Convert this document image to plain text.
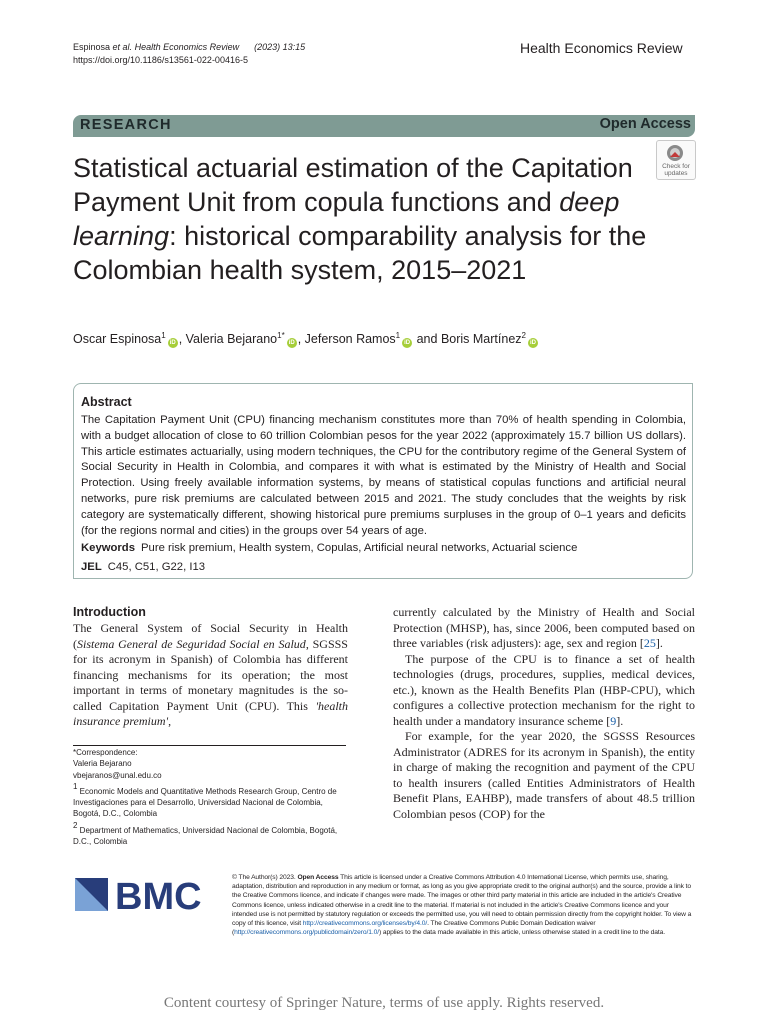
Espinosa et al. Health Economics Review (2023) 13:15
https://doi.org/10.1186/s13561-022-00416-5
Health Economics Review
RESEARCH	Open Access
Check for
updates
Statistical actuarial estimation of the Capitation Payment Unit from copula functions and deep learning: historical comparability analysis for the Colombian health system, 2015–2021
Oscar Espinosa$^1$iD , Valeria Bejarano$^{1*}$iD , Jeferson Ramos$^1$iD and Boris Martínez$^2$iD
Abstract

The Capitation Payment Unit (CPU) financing mechanism constitutes more than 70% of health spending in Colombia, with a budget allocation of close to 60 trillion Colombian pesos for the year 2022 (approximately 15.7 billion US dollars). This article estimates actuarially, using modern techniques, the CPU for the contributory regime of the General System of Social Security in Health in Colombia, and compares it with what is estimated by the Ministry of Health and Social Protection. Using freely available information systems, by means of statistical copulas functions and artificial neural networks, pure risk premiums are calculated between 2015 and 2021. The study concludes that the weights by risk category are systematically different, showing historical pure premiums surpluses in the group of 0–1 years and deficits (for the regions normal and cities) in the groups over 54 years of age.

Keywords Pure risk premium, Health system, Copulas, Artificial neural networks, Actuarial science
JEL C45, C51, G22, I13
Introduction

The General System of Social Security in Health (Sistema General de Seguridad Social en Salud, SGSSS for its acronym in Spanish) of Colombia has different financing mechanisms for its operation; the most important in terms of monetary magnitudes is the so-called Capitation Payment Unit (CPU). This 'health insurance premium',

currently calculated by the Ministry of Health and Social Protection (MHSP), has, since 2006, been computed based on three variables (risk adjusters): age, sex and region [25].

The purpose of the CPU is to finance a set of health technologies (drugs, procedures, supplies, medical devices, etc.), known as the Health Benefits Plan (HBP-CPU), which configures a collective protection mechanism for the right to health under a mandatory insurance scheme [9].

For example, for the year 2020, the SGSSS Resources Administrator (ADRES for its acronym in Spanish), the entity in charge of making the recognition and payment of the CPU to health insurers (called Entities Administrators of Health Benefit Plans, EAHBP), made transfers of about 48.5 trillion Colombian pesos (COP) for the

*Correspondence:
Valeria Bejarano
vbejaranos@unal.edu.co
1 Economic Models and Quantitative Methods Research Group, Centro de Investigaciones para el Desarrollo, Universidad Nacional de Colombia, Bogotá, D.C., Colombia
2 Department of Mathematics, Universidad Nacional de Colombia, Bogotá, D.C., Colombia
BMC	© The Author(s) 2023. Open Access This article is licensed under a Creative Commons Attribution 4.0 International License, which permits use, sharing, adaptation, distribution and reproduction in any medium or format, as long as you give appropriate credit to the original author(s) and the source, provide a link to the Creative Commons licence, and indicate if changes were made. The images or other third party material in this article are included in the article's Creative Commons licence, unless indicated otherwise in a credit line to the material. If material is not included in the article's Creative Commons licence and your intended use is not permitted by statutory regulation or exceeds the permitted use, you will need to obtain permission directly from the copyright holder. To view a copy of this licence, visit http://creativecommons.org/licenses/by/4.0/. The Creative Commons Public Domain Dedication waiver (http://creativecommons.org/publicdomain/zero/1.0/) applies to the data made available in this article, unless otherwise stated in a credit line to the data.

Content courtesy of Springer Nature, terms of use apply. Rights reserved.
